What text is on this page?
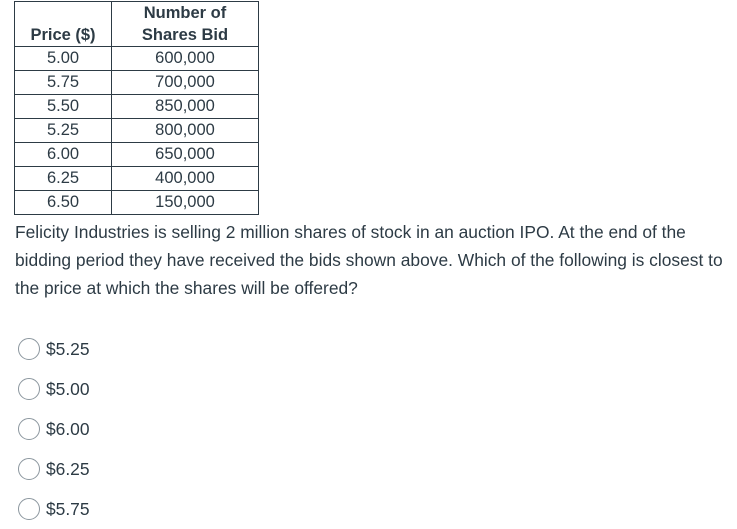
Price ($)	Number of
Shares Bid

5.00	600,000
5.75	700,000
5.50	850,000
5.25	800,000
6.00	650,000
6.25	400,000
6.50	150,000
Felicity Industries is selling 2 million shares of stock in an auction IPO. At the end of the bidding period they have received the bids shown above. Which of the following is closest to the price at which the shares will be offered?
$5.25
$5.00
$6.00
$6.25
$5.75
